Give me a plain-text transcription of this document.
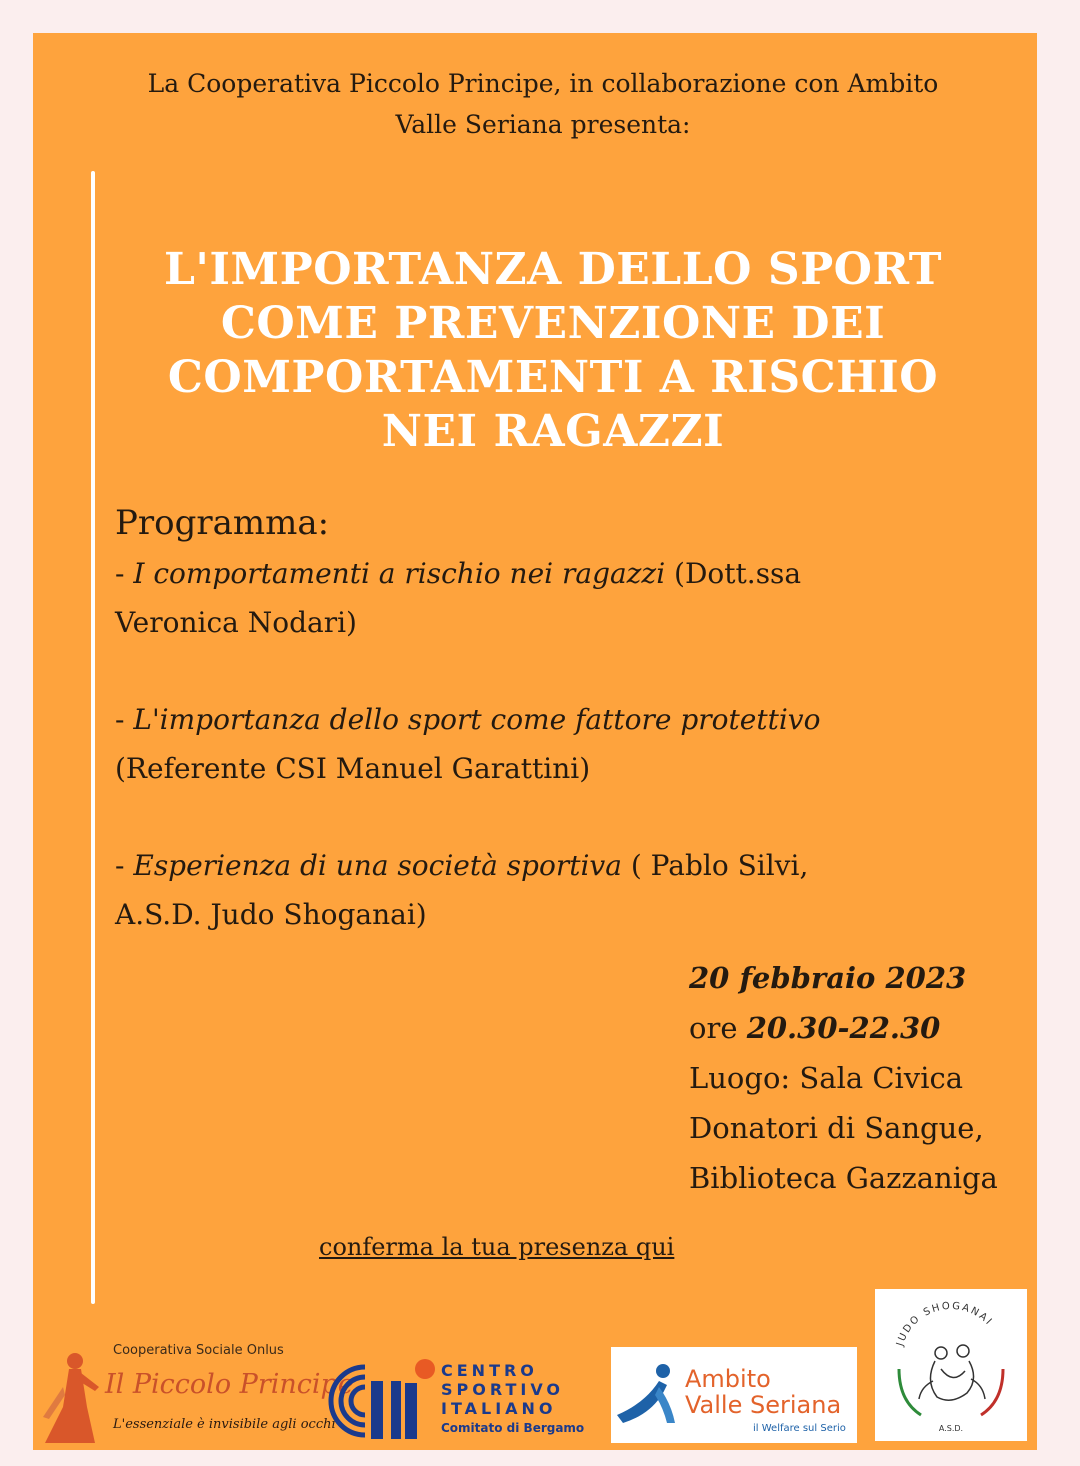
La Cooperativa Piccolo Principe, in collaborazione con Ambito
Valle Seriana presenta:
L'IMPORTANZA DELLO SPORT
COME PREVENZIONE DEI
COMPORTAMENTI A RISCHIO
NEI RAGAZZI
Programma:
- I comportamenti a rischio nei ragazzi (Dott.ssa
Veronica Nodari)
- L'importanza dello sport come fattore protettivo
(Referente CSI Manuel Garattini)
- Esperienza di una società sportiva ( Pablo Silvi,
A.S.D. Judo Shoganai)
20 febbraio 2023
ore 20.30-22.30
Luogo: Sala Civica
Donatori di Sangue,
Biblioteca Gazzaniga
conferma la tua presenza qui
Cooperativa Sociale Onlus
Il Piccolo Principe
L'essenziale è invisibile agli occhi
CENTRO
SPORTIVO
ITALIANO
Comitato di Bergamo
Ambito
Valle Seriana
il Welfare sul Serio
JUDO SHOGANAI
A.S.D.
